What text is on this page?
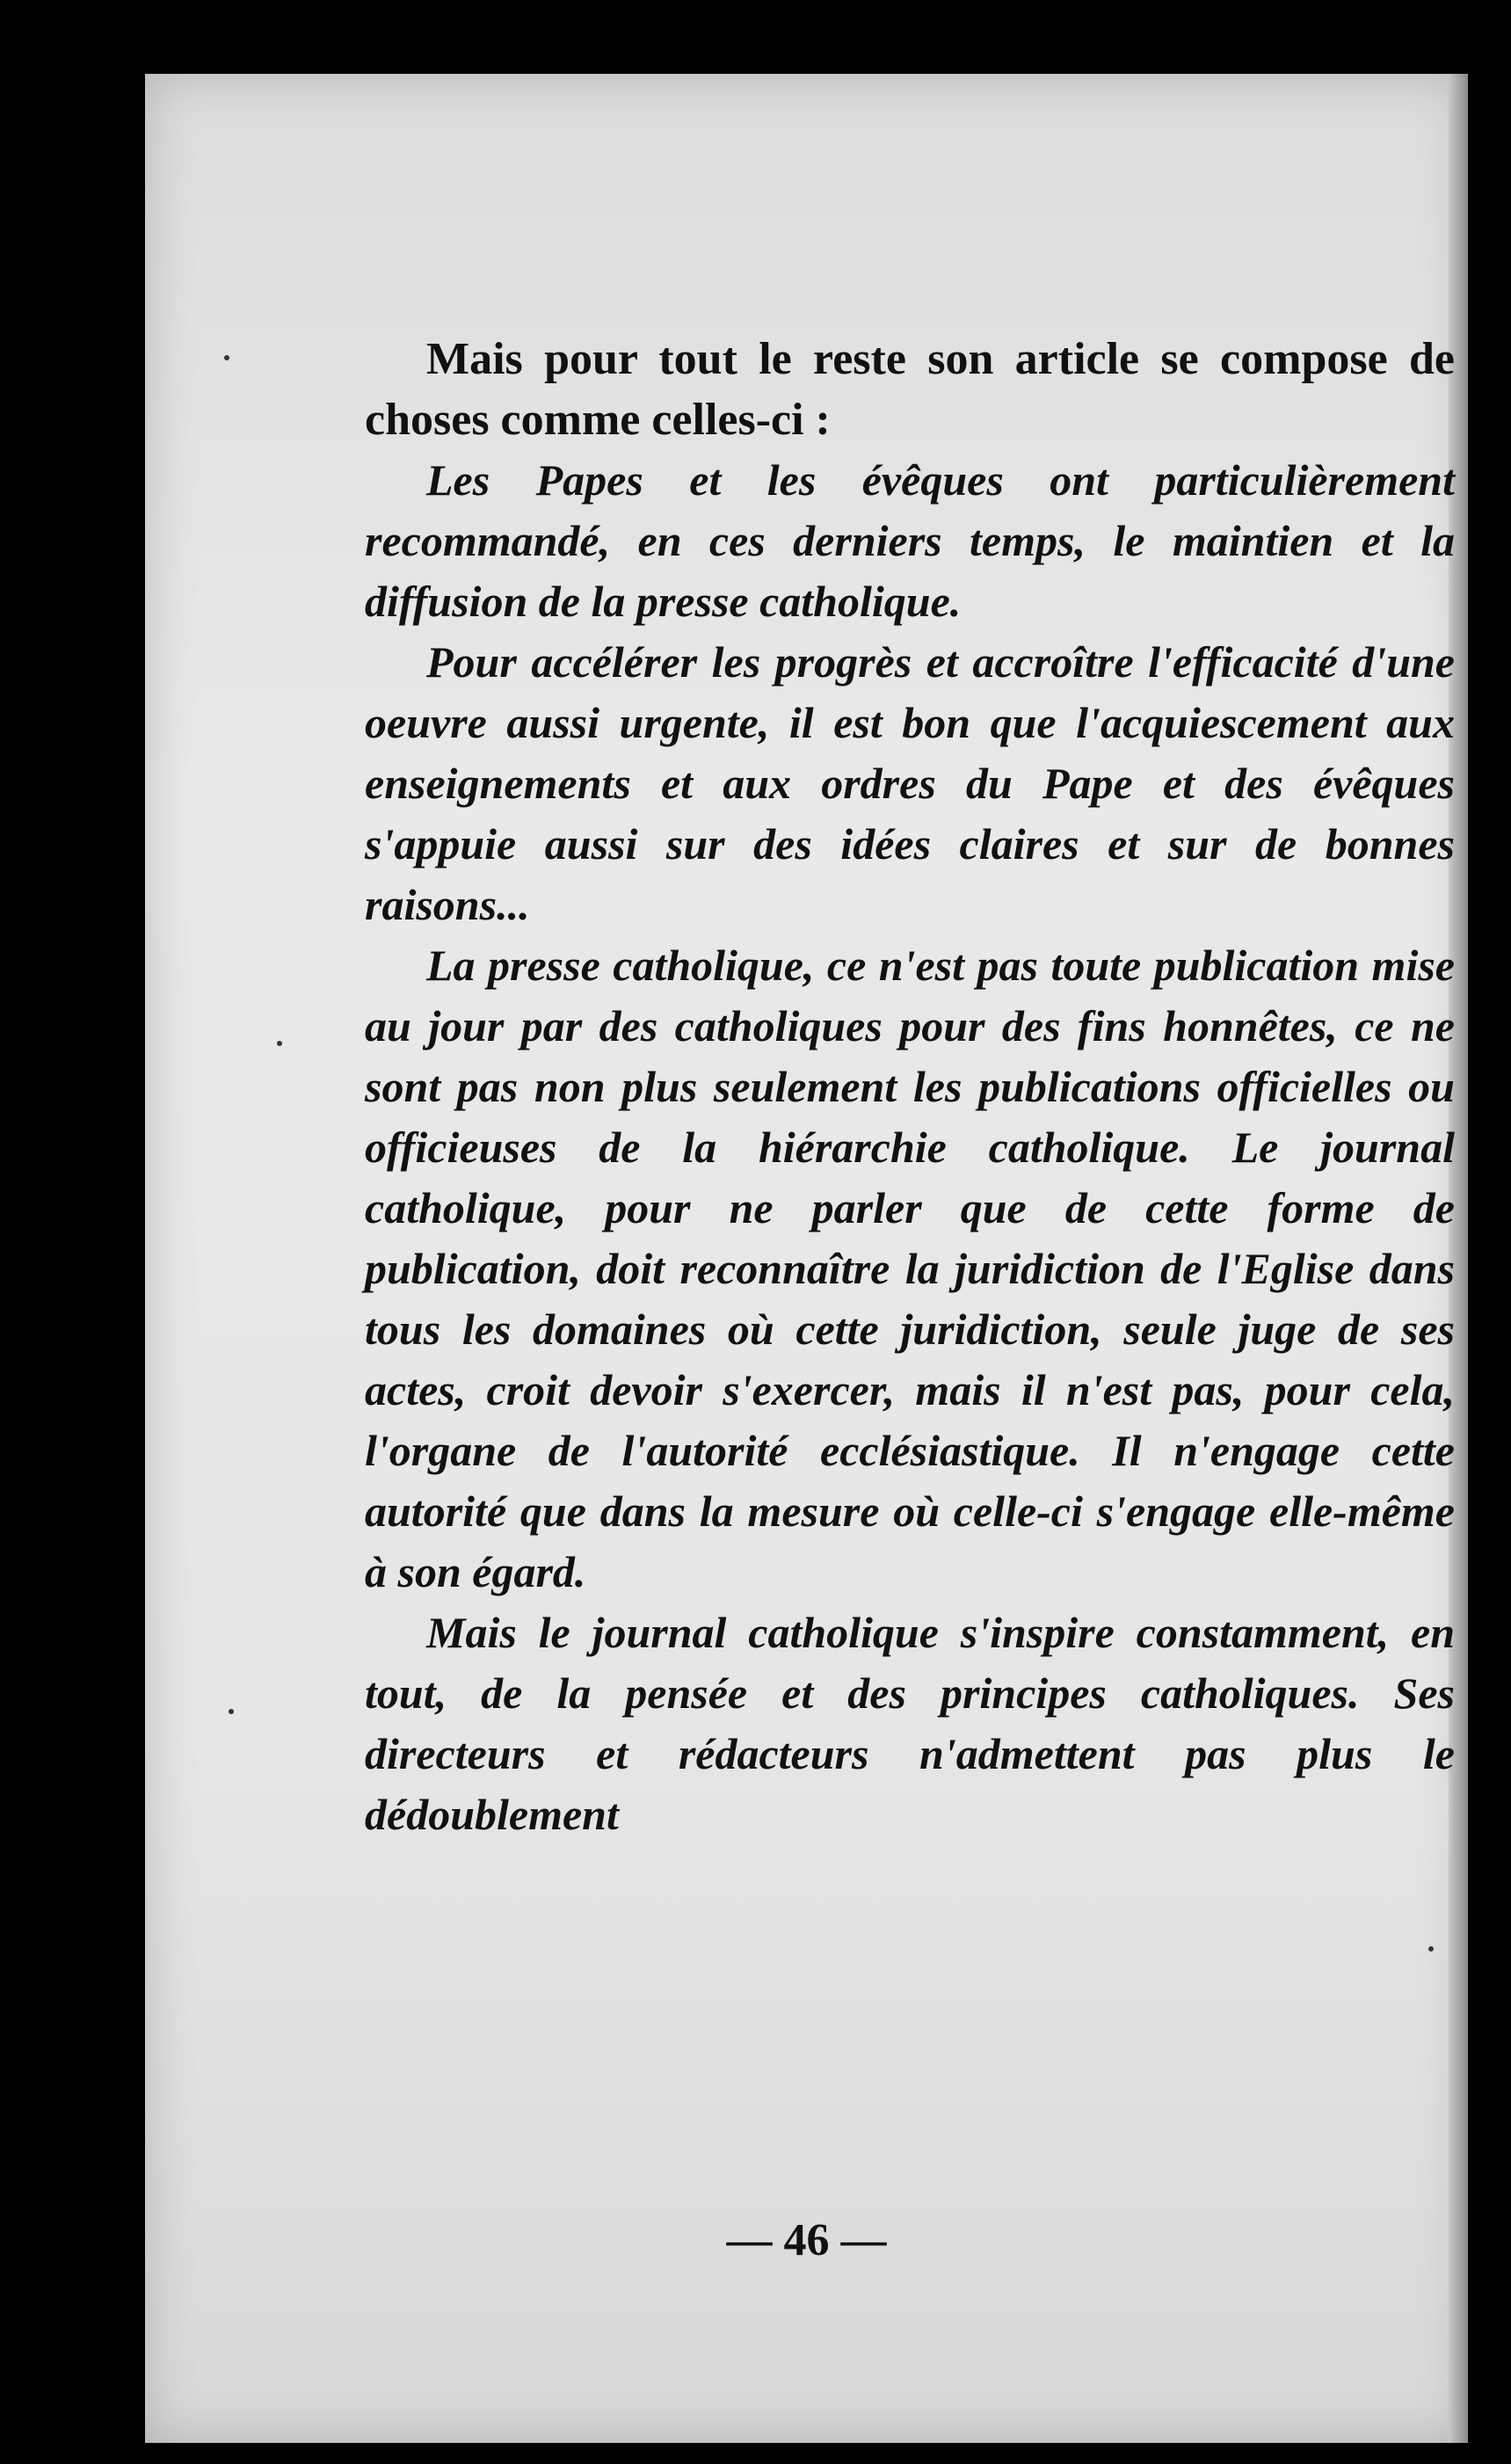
Mais pour tout le reste son article se compose de choses comme celles-ci :

Les Papes et les évêques ont particulièrement recommandé, en ces derniers temps, le maintien et la diffusion de la presse catholique.

Pour accélérer les progrès et accroître l'efficacité d'une oeuvre aussi urgente, il est bon que l'acquiescement aux enseignements et aux ordres du Pape et des évêques s'appuie aussi sur des idées claires et sur de bonnes raisons...

La presse catholique, ce n'est pas toute publication mise au jour par des catholiques pour des fins honnêtes, ce ne sont pas non plus seulement les publications officielles ou officieuses de la hiérarchie catholique. Le journal catholique, pour ne parler que de cette forme de publication, doit reconnaître la juridiction de l'Eglise dans tous les domaines où cette juridiction, seule juge de ses actes, croit devoir s'exercer, mais il n'est pas, pour cela, l'organe de l'autorité ecclésiastique. Il n'engage cette autorité que dans la mesure où celle-ci s'engage elle-même à son égard.

Mais le journal catholique s'inspire constamment, en tout, de la pensée et des principes catholiques. Ses directeurs et rédacteurs n'admettent pas plus le dédoublement

— 46 —
